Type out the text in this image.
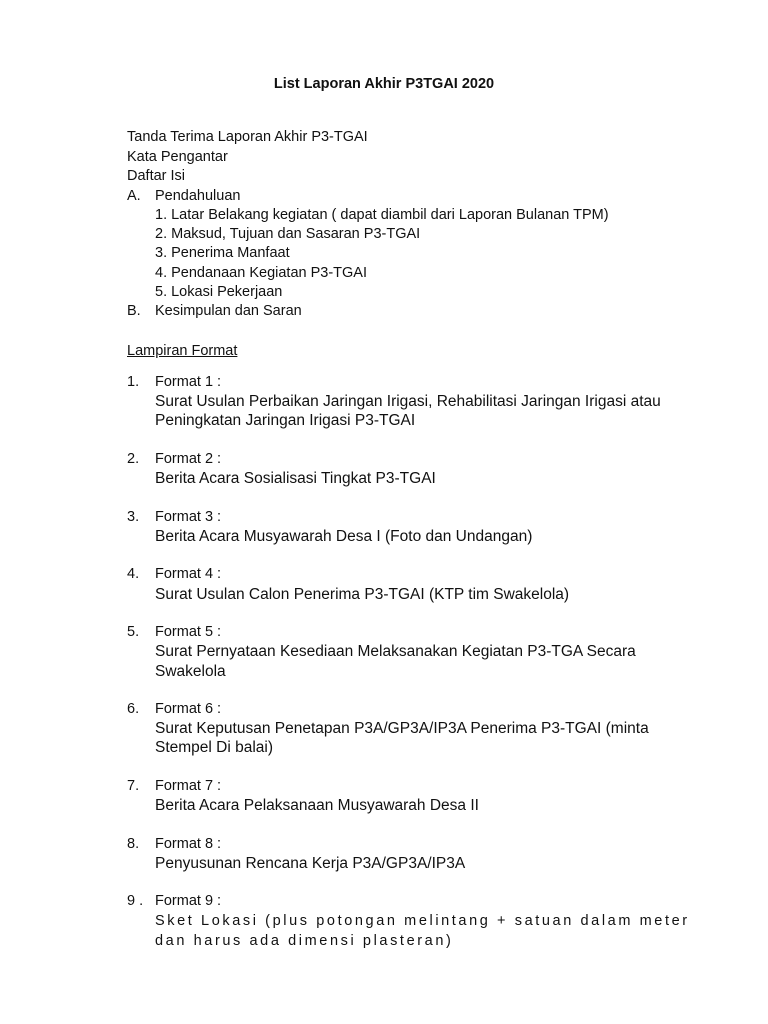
List Laporan Akhir P3TGAI 2020
Tanda Terima Laporan Akhir P3-TGAI
Kata Pengantar
Daftar Isi
A. Pendahuluan
1. Latar Belakang kegiatan ( dapat diambil dari Laporan Bulanan TPM)
2. Maksud, Tujuan dan Sasaran P3-TGAI
3. Penerima Manfaat
4. Pendanaan Kegiatan P3-TGAI
5. Lokasi Pekerjaan
B. Kesimpulan dan Saran
Lampiran Format
1. Format 1 :
Surat Usulan Perbaikan Jaringan Irigasi, Rehabilitasi Jaringan Irigasi atau
Peningkatan Jaringan Irigasi P3-TGAI
2. Format 2 :
Berita Acara Sosialisasi Tingkat P3-TGAI
3. Format 3 :
Berita Acara Musyawarah Desa I (Foto dan Undangan)
4. Format 4 :
Surat Usulan Calon Penerima P3-TGAI (KTP tim Swakelola)
5. Format 5 :
Surat Pernyataan Kesediaan Melaksanakan Kegiatan P3-TGA Secara
Swakelola
6. Format 6 :
Surat Keputusan Penetapan P3A/GP3A/IP3A Penerima P3-TGAI (minta
Stempel Di balai)
7. Format 7 :
Berita Acara Pelaksanaan Musyawarah Desa II
8. Format 8 :
Penyusunan Rencana Kerja P3A/GP3A/IP3A
9 . Format 9 :
Sket Lokasi (plus potongan melintang + satuan dalam meter
dan harus ada dimensi plasteran)
